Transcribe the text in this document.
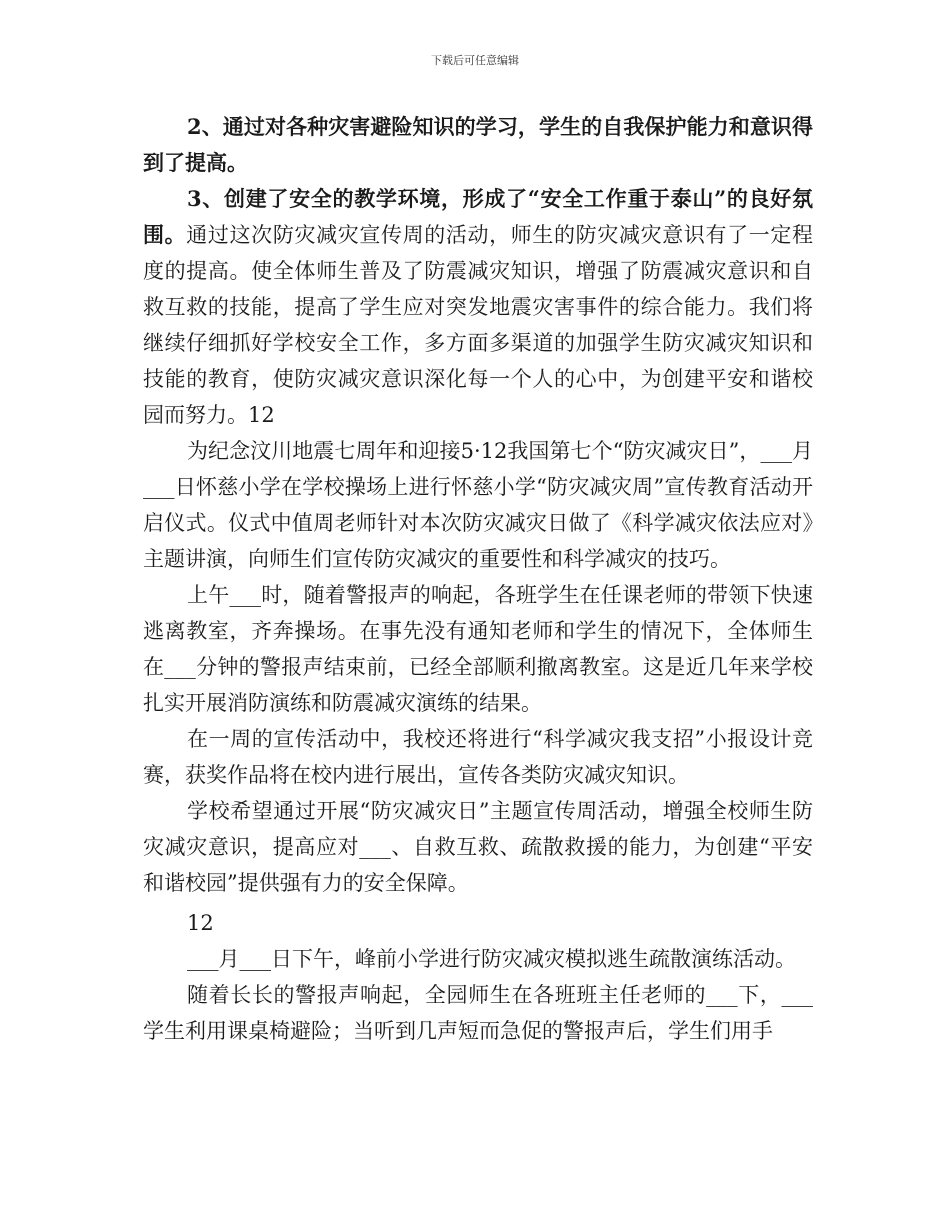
下载后可任意编辑

2、通过对各种灾害避险知识的学习，学生的自我保护能力和意识得到了提高。

3、创建了安全的教学环境，形成了“安全工作重于泰山”的良好氛围。通过这次防灾减灾宣传周的活动，师生的防灾减灾意识有了一定程度的提高。使全体师生普及了防震减灾知识，增强了防震减灾意识和自救互救的技能，提高了学生应对突发地震灾害事件的综合能力。我们将继续仔细抓好学校安全工作，多方面多渠道的加强学生防灾减灾知识和技能的教育，使防灾减灾意识深化每一个人的心中，为创建平安和谐校园而努力。12

为纪念汶川地震七周年和迎接5·12我国第七个“防灾减灾日”，___月___日怀慈小学在学校操场上进行怀慈小学“防灾减灾周”宣传教育活动开启仪式。仪式中值周老师针对本次防灾减灾日做了《科学减灾依法应对》主题讲演，向师生们宣传防灾减灾的重要性和科学减灾的技巧。

上午___时，随着警报声的响起，各班学生在任课老师的带领下快速逃离教室，齐奔操场。在事先没有通知老师和学生的情况下，全体师生在___分钟的警报声结束前，已经全部顺利撤离教室。这是近几年来学校扎实开展消防演练和防震减灾演练的结果。

在一周的宣传活动中，我校还将进行“科学减灾我支招”小报设计竞赛，获奖作品将在校内进行展出，宣传各类防灾减灾知识。

学校希望通过开展“防灾减灾日”主题宣传周活动，增强全校师生防灾减灾意识，提高应对___、自救互救、疏散救援的能力，为创建“平安和谐校园”提供强有力的安全保障。

12

___月___日下午，峰前小学进行防灾减灾模拟逃生疏散演练活动。

随着长长的警报声响起，全园师生在各班班主任老师的___下，___学生利用课桌椅避险；当听到几声短而急促的警报声后，学生们用手
